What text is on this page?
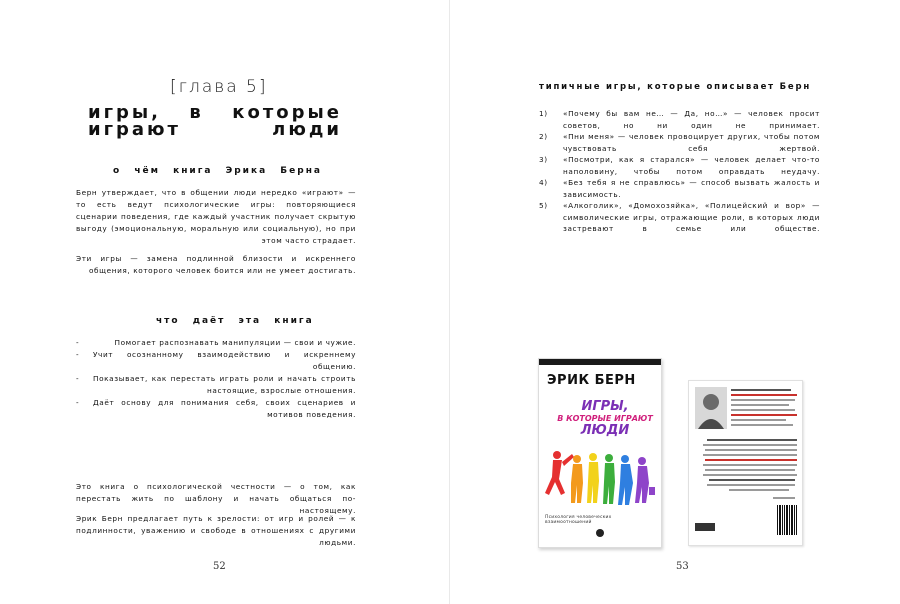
[глава 5]
игры, в которые играют люди
о чём книга Эрика Берна

Берн утверждает, что в общении люди нередко «играют» — то есть ведут психологические игры: повторяющиеся сценарии поведения, где каждый участник получает скрытую выгоду (эмоциональную, моральную или социальную), но при этом часто страдает.

Эти игры — замена подлинной близости и искреннего общения, которого человек боится или не умеет достигать.

что даёт эта книга
-	Помогает распознавать манипуляции — свои и чужие.
- Учит осознанному взаимодействию и искреннему общению.
- Показывает, как перестать играть роли и начать строить настоящие, взрослые отношения.
- Даёт основу для понимания себя, своих сценариев и мотивов поведения.

Это книга о психологической честности — о том, как перестать жить по шаблону и начать общаться по-настоящему.

Эрик Берн предлагает путь к зрелости: от игр и ролей — к подлинности, уважению и свободе в отношениях с другими людьми.

52
типичные игры, которые описывает Берн
1) «Почему бы вам не… — Да, но…» — человек просит советов, но ни один не принимает.
2) «Пни меня» — человек провоцирует других, чтобы потом чувствовать себя жертвой.
3) «Посмотри, как я старался» — человек делает что-то наполовину, чтобы потом оправдать неудачу.
4) «Без тебя я не справлюсь» — способ вызвать жалость и зависимость.
5) «Алкоголик», «Домохозяйка», «Полицейский и вор» — символические игры, отражающие роли, в которых люди застревают в семье или обществе.
ЭРИК БЕРН
ИГРЫ,
В КОТОРЫЕ ИГРАЮТ
ЛЮДИ
Психология человеческих взаимоотношений
53
